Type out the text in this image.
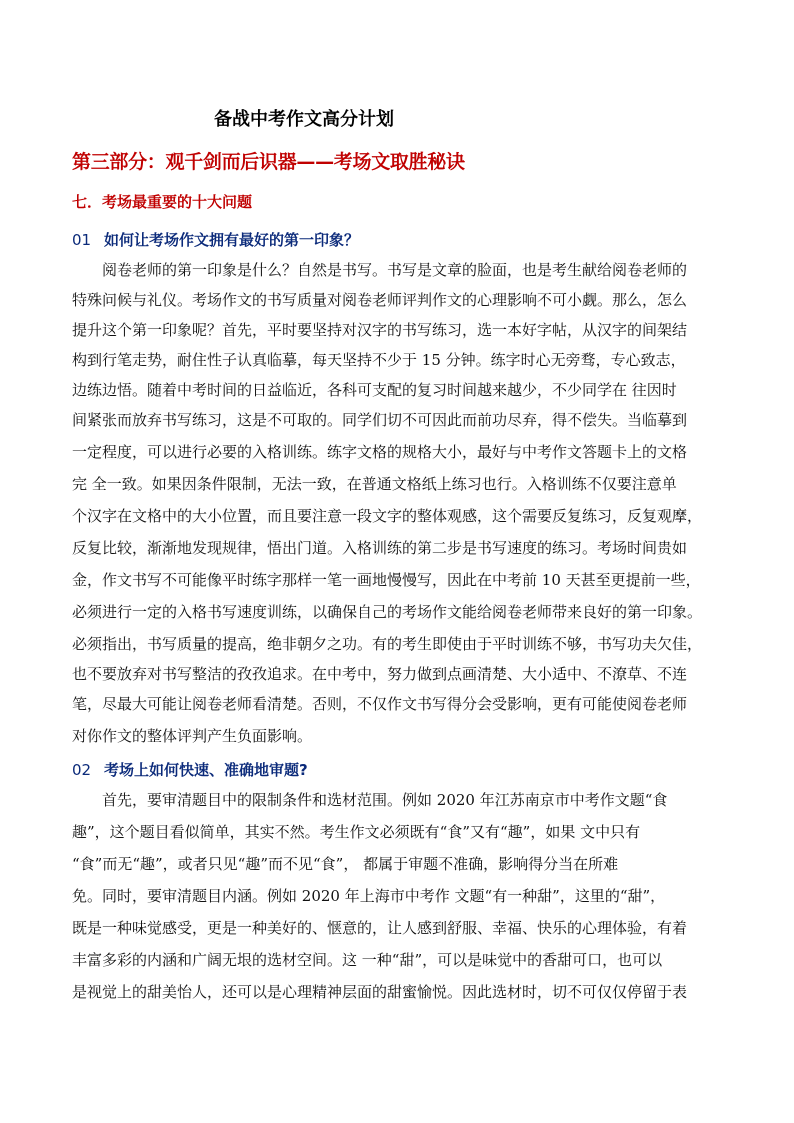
备战中考作文高分计划
第三部分：观千剑而后识器——考场文取胜秘诀
七．考场最重要的十大问题
01 如何让考场作文拥有最好的第一印象？
阅卷老师的第一印象是什么？自然是书写。书写是文章的脸面，也是考生献给阅卷老师的
特殊问候与礼仪。考场作文的书写质量对阅卷老师评判作文的心理影响不可小觑。那么，怎么
提升这个第一印象呢？首先，平时要坚持对汉字的书写练习，选一本好字帖，从汉字的间架结
构到行笔走势，耐住性子认真临摹，每天坚持不少于 15 分钟。练字时心无旁骛，专心致志，
边练边悟。随着中考时间的日益临近，各科可支配的复习时间越来越少，不少同学在 往因时
间紧张而放弃书写练习，这是不可取的。同学们切不可因此而前功尽弃，得不偿失。当临摹到
一定程度，可以进行必要的入格训练。练字文格的规格大小，最好与中考作文答题卡上的文格
完 全一致。如果因条件限制，无法一致，在普通文格纸上练习也行。入格训练不仅要注意单
个汉字在文格中的大小位置，而且要注意一段文字的整体观感，这个需要反复练习，反复观摩，
反复比较，渐渐地发现规律，悟出门道。入格训练的第二步是书写速度的练习。考场时间贵如
金，作文书写不可能像平时练字那样一笔一画地慢慢写，因此在中考前 10 天甚至更提前一些，
必须进行一定的入格书写速度训练，以确保自己的考场作文能给阅卷老师带来良好的第一印象。
必须指出，书写质量的提高，绝非朝夕之功。有的考生即使由于平时训练不够，书写功夫欠佳，
也不要放弃对书写整洁的孜孜追求。在中考中，努力做到点画清楚、大小适中、不潦草、不连
笔，尽最大可能让阅卷老师看清楚。否则，不仅作文书写得分会受影响，更有可能使阅卷老师
对你作文的整体评判产生负面影响。
02 考场上如何快速、准确地审题?
首先，要审清题目中的限制条件和选材范围。例如 2020 年江苏南京市中考作文题“食
趣”，这个题目看似简单，其实不然。考生作文必须既有“食”又有“趣”，如果 文中只有
“食”而无“趣”，或者只见“趣”而不见“食”， 都属于审题不准确，影响得分当在所难
免。同时，要审清题目内涵。例如 2020 年上海市中考作 文题“有一种甜”，这里的“甜”，
既是一种味觉感受，更是一种美好的、惬意的，让人感到舒服、幸福、快乐的心理体验，有着
丰富多彩的内涵和广阔无垠的选材空间。这 一种“甜”，可以是味觉中的香甜可口，也可以
是视觉上的甜美怡人，还可以是心理精神层面的甜蜜愉悦。因此选材时，切不可仅仅停留于表
